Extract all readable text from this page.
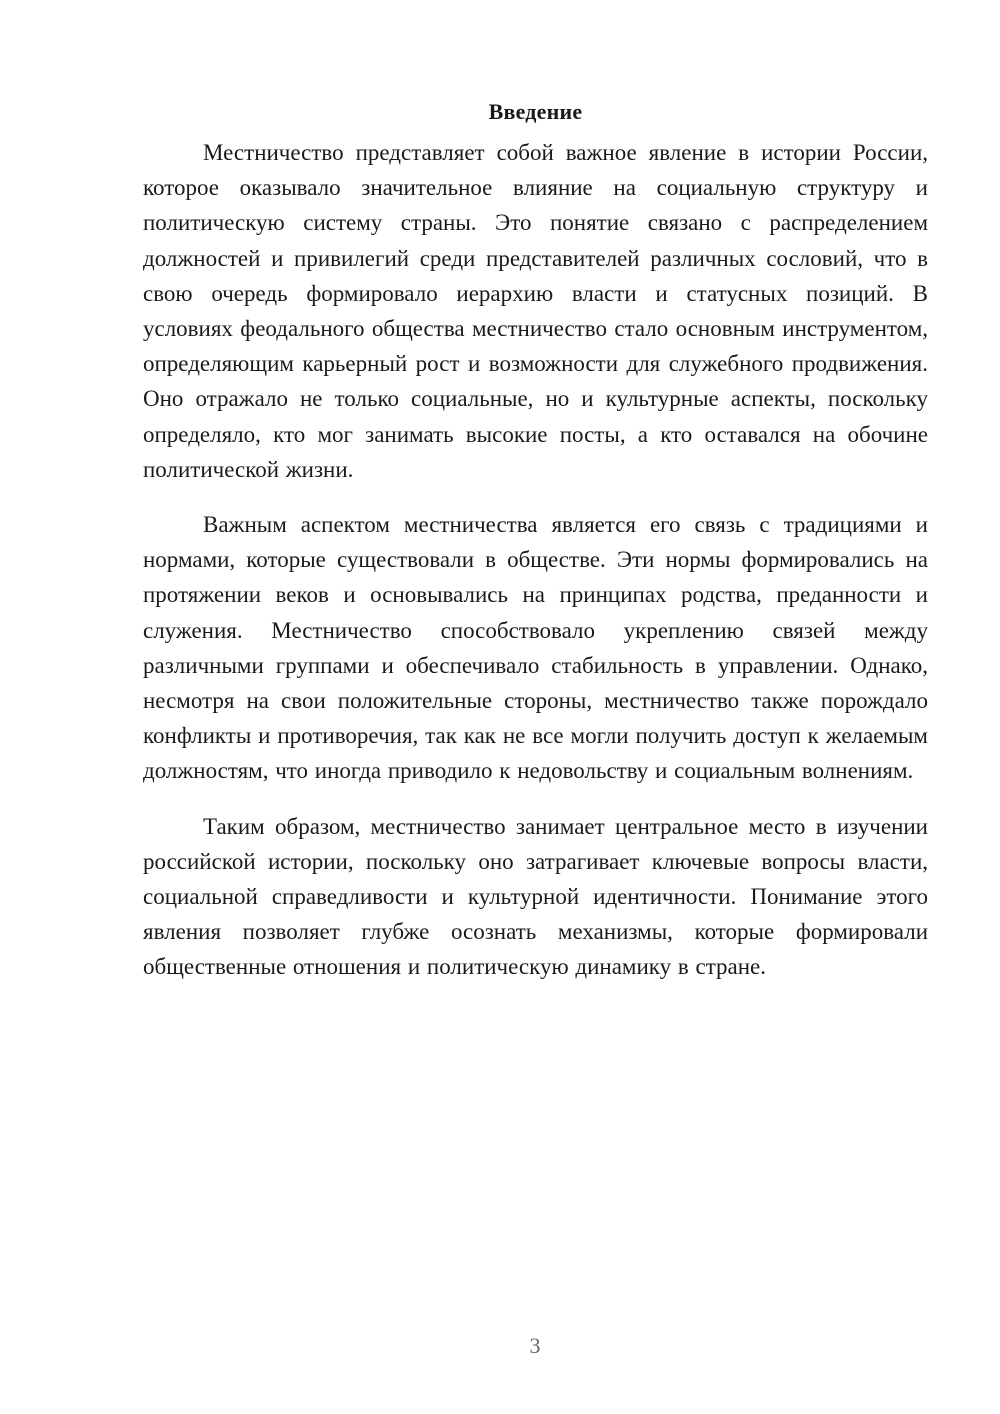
Введение

Местничество представляет собой важное явление в истории России, которое оказывало значительное влияние на социальную структуру и политическую систему страны. Это понятие связано с распределением должностей и привилегий среди представителей различных сословий, что в свою очередь формировало иерархию власти и статусных позиций. В условиях феодального общества местничество стало основным инструментом, определяющим карьерный рост и возможности для служебного продвижения. Оно отражало не только социальные, но и культурные аспекты, поскольку определяло, кто мог занимать высокие посты, а кто оставался на обочине политической жизни.

Важным аспектом местничества является его связь с традициями и нормами, которые существовали в обществе. Эти нормы формировались на протяжении веков и основывались на принципах родства, преданности и служения. Местничество способствовало укреплению связей между различными группами и обеспечивало стабильность в управлении. Однако, несмотря на свои положительные стороны, местничество также порождало конфликты и противоречия, так как не все могли получить доступ к желаемым должностям, что иногда приводило к недовольству и социальным волнениям.

Таким образом, местничество занимает центральное место в изучении российской истории, поскольку оно затрагивает ключевые вопросы власти, социальной справедливости и культурной идентичности. Понимание этого явления позволяет глубже осознать механизмы, которые формировали общественные отношения и политическую динамику в стране.

3
